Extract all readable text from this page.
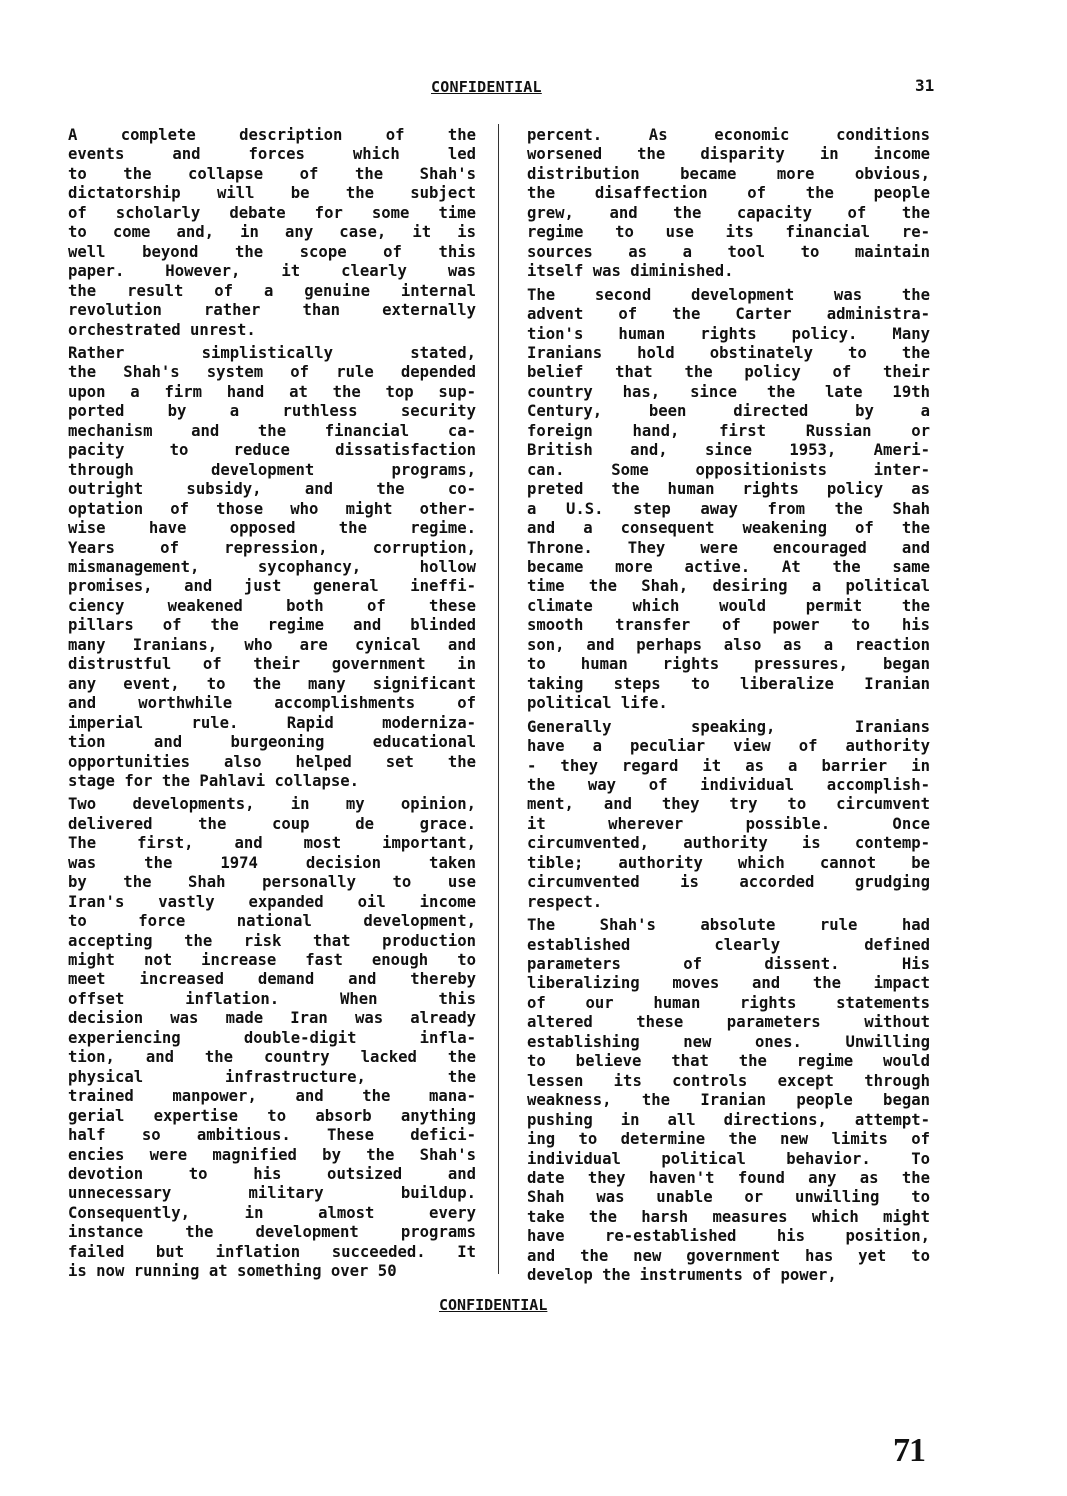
CONFIDENTIAL	31
A complete description of the
events and forces which led
to the collapse of the Shah's
dictatorship will be the subject
of scholarly debate for some time
to come and, in any case, it is
well beyond the scope of this
paper. However, it clearly was
the result of a genuine internal
revolution rather than externally
orchestrated unrest.
Rather simplistically stated,
the Shah's system of rule depended
upon a firm hand at the top sup-
ported by a ruthless security
mechanism and the financial ca-
pacity to reduce dissatisfaction
through development programs,
outright subsidy, and the co-
optation of those who might other-
wise have opposed the regime.
Years of repression, corruption,
mismanagement, sycophancy, hollow
promises, and just general ineffi-
ciency weakened both of these
pillars of the regime and blinded
many Iranians, who are cynical and
distrustful of their government in
any event, to the many significant
and worthwhile accomplishments of
imperial rule. Rapid moderniza-
tion and burgeoning educational
opportunities also helped set the
stage for the Pahlavi collapse.
Two developments, in my opinion,
delivered the coup de grace.
The first, and most important,
was the 1974 decision taken
by the Shah personally to use
Iran's vastly expanded oil income
to force national development,
accepting the risk that production
might not increase fast enough to
meet increased demand and thereby
offset inflation. When this
decision was made Iran was already
experiencing double-digit infla-
tion, and the country lacked the
physical infrastructure, the
trained manpower, and the mana-
gerial expertise to absorb anything
half so ambitious. These defici-
encies were magnified by the Shah's
devotion to his outsized and
unnecessary military buildup.
Consequently, in almost every
instance the development programs
failed but inflation succeeded. It
is now running at something over 50
percent. As economic conditions
worsened the disparity in income
distribution became more obvious,
the disaffection of the people
grew, and the capacity of the
regime to use its financial re-
sources as a tool to maintain
itself was diminished.
The second development was the
advent of the Carter administra-
tion's human rights policy. Many
Iranians hold obstinately to the
belief that the policy of their
country has, since the late 19th
Century, been directed by a
foreign hand, first Russian or
British and, since 1953, Ameri-
can. Some oppositionists inter-
preted the human rights policy as
a U.S. step away from the Shah
and a consequent weakening of the
Throne. They were encouraged and
became more active. At the same
time the Shah, desiring a political
climate which would permit the
smooth transfer of power to his
son, and perhaps also as a reaction
to human rights pressures, began
taking steps to liberalize Iranian
political life.
Generally speaking, Iranians
have a peculiar view of authority
- they regard it as a barrier in
the way of individual accomplish-
ment, and they try to circumvent
it wherever possible. Once
circumvented, authority is contemp-
tible; authority which cannot be
circumvented is accorded grudging
respect.
The Shah's absolute rule had
established clearly defined
parameters of dissent. His
liberalizing moves and the impact
of our human rights statements
altered these parameters without
establishing new ones. Unwilling
to believe that the regime would
lessen its controls except through
weakness, the Iranian people began
pushing in all directions, attempt-
ing to determine the new limits of
individual political behavior. To
date they haven't found any as the
Shah was unable or unwilling to
take the harsh measures which might
have re-established his position,
and the new government has yet to
develop the instruments of power,
CONFIDENTIAL
71
